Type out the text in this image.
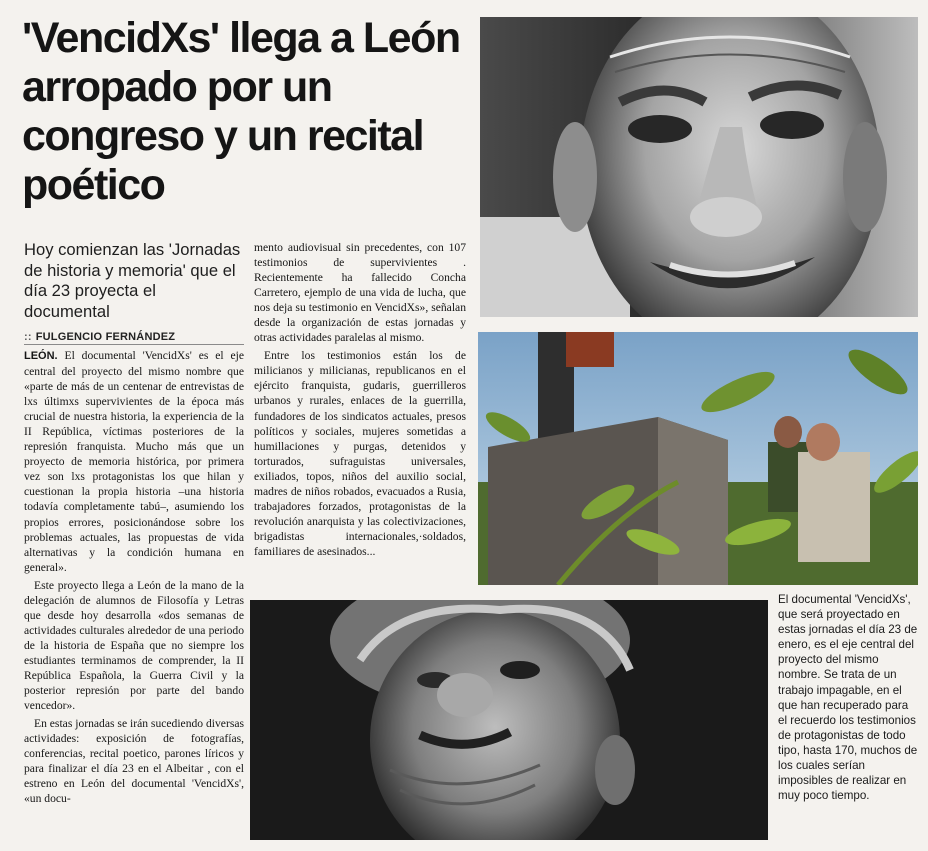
'VencidXs' llega a León arropado por un congreso y un recital poético

Hoy comienzan las 'Jornadas de historia y memoria' que el día 23 proyecta el documental

:: FULGENCIO FERNÁNDEZ

LEÓN. El documental 'VencidXs' es el eje central del proyecto del mismo nombre que «parte de más de un centenar de entrevistas de lxs últimxs supervivientes de la época más crucial de nuestra historia, la experiencia de la II República, víctimas posteriores de la represión franquista. Mucho más que un proyecto de memoria histórica, por primera vez son lxs protagonistas los que hilan y cuestionan la propia historia –una historia todavía completamente tabú–, asumiendo los propios errores, posicionándose sobre los problemas actuales, las propuestas de vida alternativas y la condición humana en general».

Este proyecto llega a León de la mano de la delegación de alumnos de Filosofía y Letras que desde hoy desarrolla «dos semanas de actividades culturales alrededor de una periodo de la historia de España que no siempre los estudiantes terminamos de comprender, la II República Española, la Guerra Civil y la posterior represión por parte del bando vencedor».

En estas jornadas se irán sucediendo diversas actividades: exposición de fotografías, conferencias, recital poetico, parones líricos y para finalizar el día 23 en el Albeitar , con el estreno en León del documental 'VencidXs', «un docu-

mento audiovisual sin precedentes, con 107 testimonios de supervivientes . Recientemente ha fallecido Concha Carretero, ejemplo de una vida de lucha, que nos deja su testimonio en VencidXs», señalan desde la organización de estas jornadas y otras actividades paralelas al mismo.

Entre los testimonios están los de milicianos y milicianas, republicanos en el ejército franquista, gudaris, guerrilleros urbanos y rurales, enlaces de la guerrilla, fundadores de los sindicatos actuales, presos políticos y sociales, mujeres sometidas a humillaciones y purgas, detenidos y torturados, sufraguistas universales, exiliados, topos, niños del auxilio social, madres de niños robados, evacuados a Rusia, trabajadores forzados, protagonistas de la revolución anarquista y las colectivizaciones, brigadistas internacionales,·soldados, familiares de asesinados...

El documental 'VencidXs', que será proyectado en estas jornadas el día 23 de enero, es el eje central del proyecto del mismo nombre. Se trata de un trabajo impagable, en el que han recuperado para el recuerdo los testimonios de protagonistas de todo tipo, hasta 170, muchos de los cuales serían imposibles de realizar en muy poco tiempo.
